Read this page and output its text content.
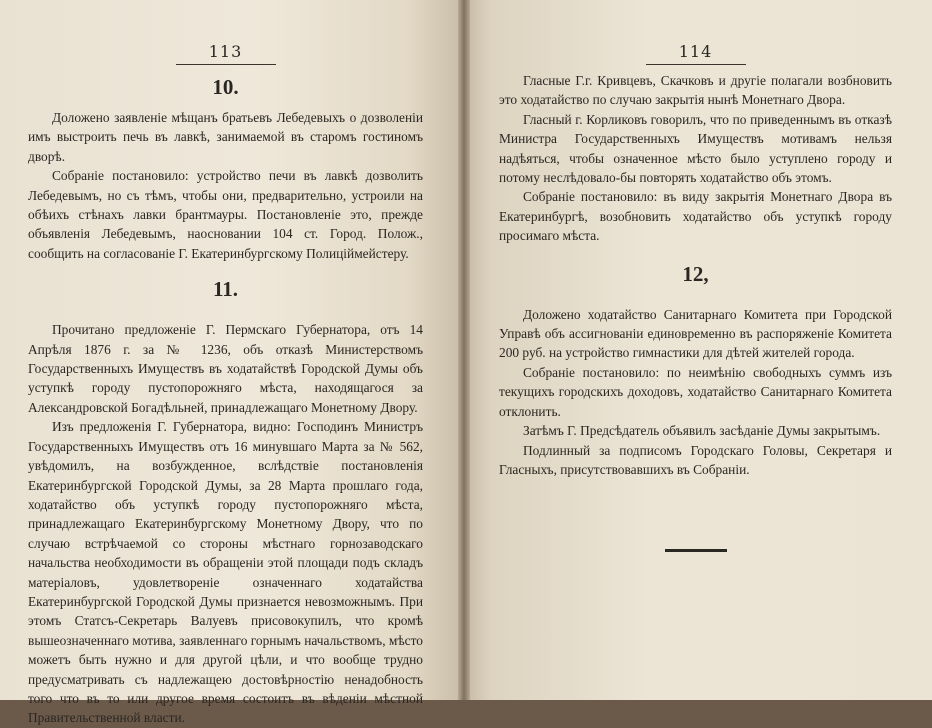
113
10.

Доложено заявленiе мѣщанъ братьевъ Лебедевыхъ о дозволенiи имъ выстроить печь въ лавкѣ, занимаемой въ старомъ гостиномъ дворѣ.

Собранiе постановило: устройство печи въ лавкѣ дозволить Лебедевымъ, но съ тѣмъ, чтобы они, предварительно, устроили на обѣихъ стѣнахъ лавки брантмауры. Постановленiе это, прежде объявленiя Лебедевымъ, наосновании 104 ст. Город. Полож., сообщить на согласованiе Г. Екатеринбургскому Полицiймейстеру.

11.

Прочитано предложенiе Г. Пермскаго Губернатора, отъ 14 Апрѣля 1876 г. за № 1236, объ отказѣ Министерствомъ Государственныхъ Имуществъ въ ходатайствѣ Городской Думы объ уступкѣ городу пустопорожняго мѣста, находящагося за Александровской Богадѣльней, принадлежащаго Монетному Двору.

Изъ предложенiя Г. Губернатора, видно: Господинъ Министръ Государственныхъ Имуществъ отъ 16 минувшаго Марта за № 562, увѣдомилъ, на возбужденное, вслѣдствiе постановленiя Екатеринбургской Городской Думы, за 28 Марта прошлаго года, ходатайство объ уступкѣ городу пустопорожняго мѣста, принадлежащаго Екатеринбургскому Монетному Двору, что по случаю встрѣчаемой со стороны мѣстнаго горнозаводскаго начальства необходимости въ обращенiи этой площади подъ складъ матерiаловъ, удовлетворенiе означеннаго ходатайства Екатеринбургской Городской Думы признается невозможнымъ. При этомъ Статсъ-Секретарь Валуевъ присовокупилъ, что кромѣ вышеозначеннаго мотива, заявленнаго горнымъ начальствомъ, мѣсто можетъ быть нужно и для другой цѣли, и что вообще трудно предусматривать съ надлежащею достовѣрностiю ненадобность того что въ то или другое время состоитъ въ вѣденiи мѣстной Правительственной власти.

114

Гласные Г.г. Кривцевъ, Скачковъ и другiе полагали возбновить это ходатайство по случаю закрытiя нынѣ Монетнаго Двора.

Гласный г. Корликовъ говорилъ, что по приведеннымъ въ отказѣ Министра Государственныхъ Имуществъ мотивамъ нельзя надѣяться, чтобы означенное мѣсто было уступлено городу и потому неслѣдовало-бы повторять ходатайство объ этомъ.

Собранiе постановило: въ виду закрытiя Монетнаго Двора въ Екатеринбургѣ, возобновить ходатайство объ уступкѣ городу просимаго мѣста.

12,

Доложено ходатайство Санитарнаго Комитета при Городской Управѣ объ ассигнованiи единовременно въ распоряженiе Комитета 200 руб. на устройство гимнастики для дѣтей жителей города.

Собранiе постановило: по неимѣнiю свободныхъ суммъ изъ текущихъ городскихъ доходовъ, ходатайство Санитарнаго Комитета отклонить.

Затѣмъ Г. Предсѣдатель объявилъ засѣданiе Думы закрытымъ.

Подлинный за подписомъ Городскаго Головы, Секретаря и Гласныхъ, присутствовавшихъ въ Собранiи.
